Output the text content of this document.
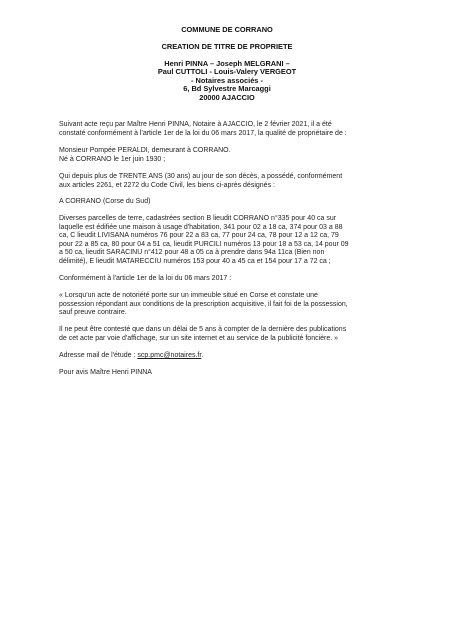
COMMUNE DE CORRANO
CREATION DE TITRE DE PROPRIETE
Henri PINNA – Joseph MELGRANI –
Paul CUTTOLI - Louis-Valery VERGEOT
- Notaires associés -
6, Bd Sylvestre Marcaggi
20000 AJACCIO
Suivant acte reçu par Maître Henri PINNA, Notaire à AJACCIO, le 2 février 2021, il a été
constaté conformément à l'article 1er de la loi du 06 mars 2017, la qualité de propriétaire de :
Monsieur Pompée PERALDI, demeurant à CORRANO.
Né à CORRANO le 1er juin 1930 ;
Qui depuis plus de TRENTE ANS (30 ans) au jour de son décès, a possédé, conformément
aux articles 2261, et 2272 du Code Civil, les biens ci-après désignés :
A CORRANO (Corse du Sud)
Diverses parcelles de terre, cadastrées section B lieudit CORRANO n°335 pour 40 ca sur
laquelle est édifiée une maison à usage d'habitation, 341 pour 02 a 18 ca, 374 pour 03 a 88
ca, C lieudit LIVISANA numéros 76 pour 22 a 83 ca, 77 pour 24 ca, 78 pour 12 a 12 ca, 79
pour 22 a 85 ca, 80 pour 04 a 51 ca, lieudit PURCILI numéros 13 pour 18 a 53 ca, 14 pour 09
a 50 ca, lieudit SARACINU n°412 pour 48 a 05 ca à prendre dans 94a 11ca (Bien non
délimité), E lieudit MATARECCIU numéros 153 pour 40 a 45 ca et 154 pour 17 a 72 ca ;
Conformément à l'article 1er de la loi du 06 mars 2017 :
« Lorsqu'un acte de notoriété porte sur un immeuble situé en Corse et constate une
possession répondant aux conditions de la prescription acquisitive, il fait foi de la possession,
sauf preuve contraire.
Il ne peut être contesté que dans un délai de 5 ans à compter de la dernière des publications
de cet acte par voie d'affichage, sur un site internet et au service de la publicité foncière. »
Adresse mail de l'étude : scp.pmc@notaires.fr.
Pour avis Maître Henri PINNA
